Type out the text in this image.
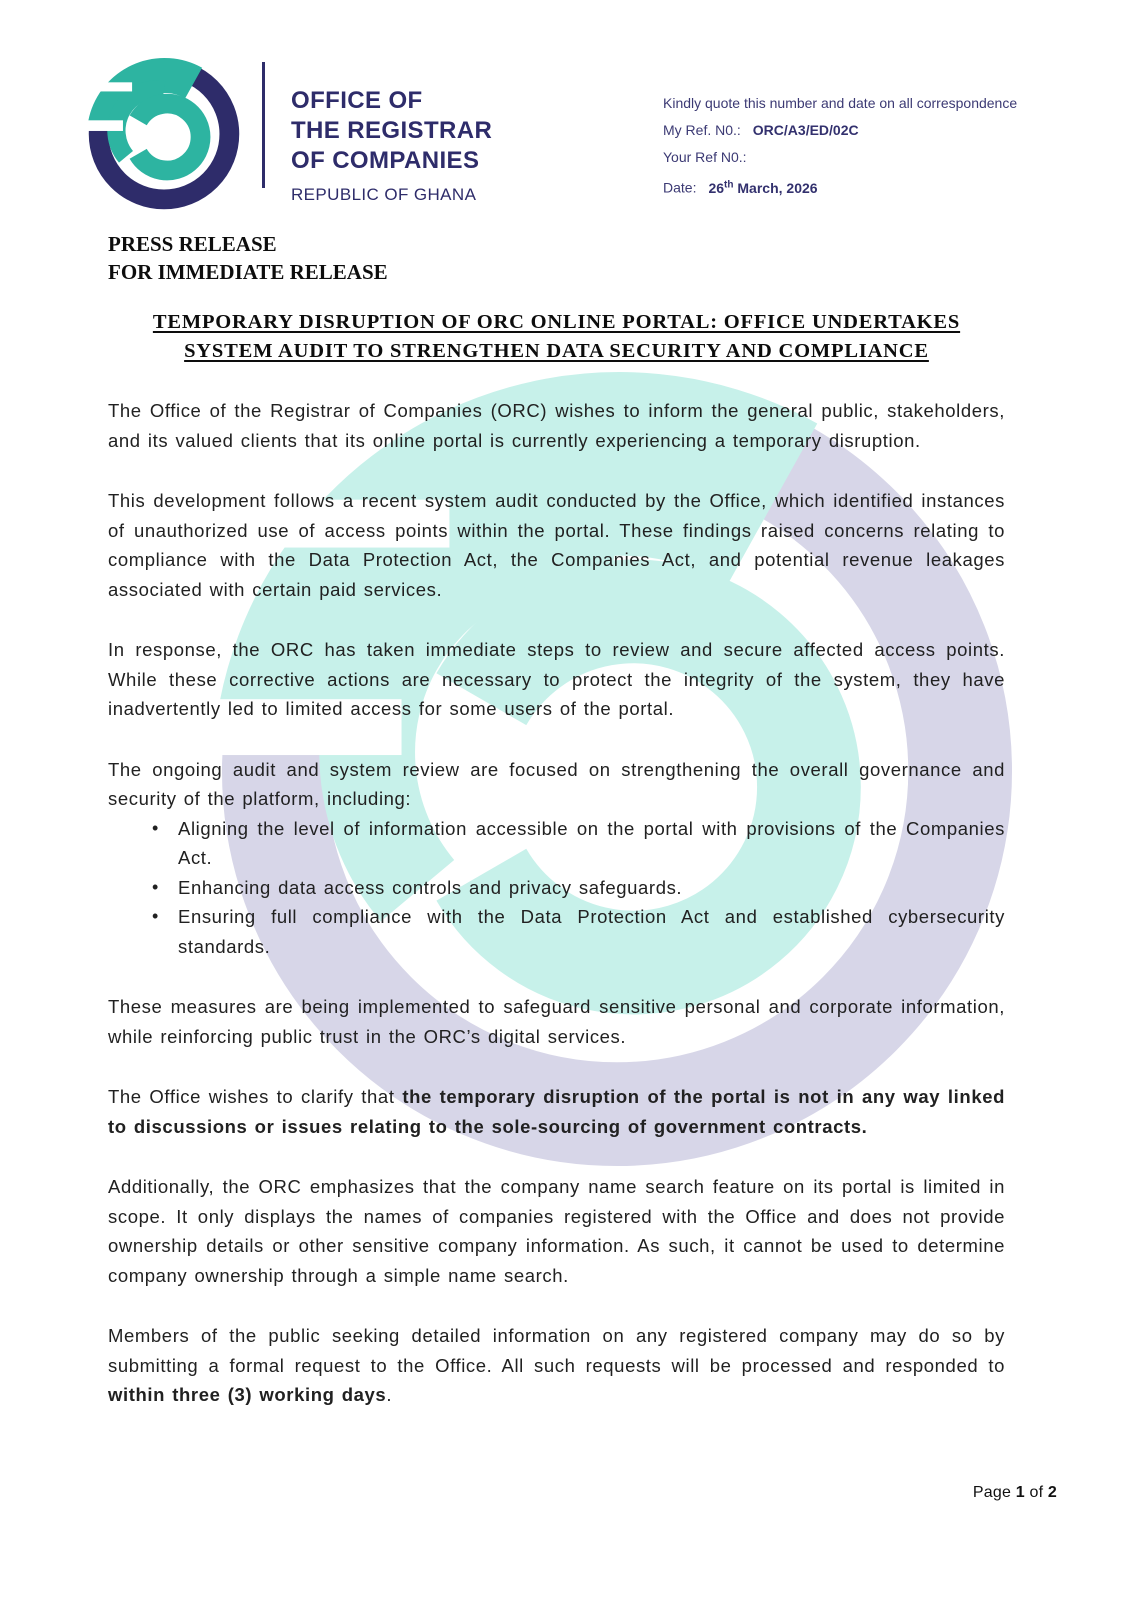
Kindly quote this number and date on all correspondence
My Ref. N0.: ORC/A3/ED/02C
Your Ref N0.:
Date: 26th March, 2026
OFFICE OF
THE REGISTRAR
OF COMPANIES
REPUBLIC OF GHANA
PRESS RELEASE
FOR IMMEDIATE RELEASE
TEMPORARY DISRUPTION OF ORC ONLINE PORTAL: OFFICE UNDERTAKES SYSTEM AUDIT TO STRENGTHEN DATA SECURITY AND COMPLIANCE

The Office of the Registrar of Companies (ORC) wishes to inform the general public, stakeholders, and its valued clients that its online portal is currently experiencing a temporary disruption.

This development follows a recent system audit conducted by the Office, which identified instances of unauthorized use of access points within the portal. These findings raised concerns relating to compliance with the Data Protection Act, the Companies Act, and potential revenue leakages associated with certain paid services.

In response, the ORC has taken immediate steps to review and secure affected access points. While these corrective actions are necessary to protect the integrity of the system, they have inadvertently led to limited access for some users of the portal.

The ongoing audit and system review are focused on strengthening the overall governance and security of the platform, including:

• Aligning the level of information accessible on the portal with provisions of the Companies Act.
• Enhancing data access controls and privacy safeguards.
• Ensuring full compliance with the Data Protection Act and established cybersecurity standards.

These measures are being implemented to safeguard sensitive personal and corporate information, while reinforcing public trust in the ORC’s digital services.

The Office wishes to clarify that the temporary disruption of the portal is not in any way linked to discussions or issues relating to the sole-sourcing of government contracts.

Additionally, the ORC emphasizes that the company name search feature on its portal is limited in scope. It only displays the names of companies registered with the Office and does not provide ownership details or other sensitive company information. As such, it cannot be used to determine company ownership through a simple name search.

Members of the public seeking detailed information on any registered company may do so by submitting a formal request to the Office. All such requests will be processed and responded to within three (3) working days.

Page 1 of 2
